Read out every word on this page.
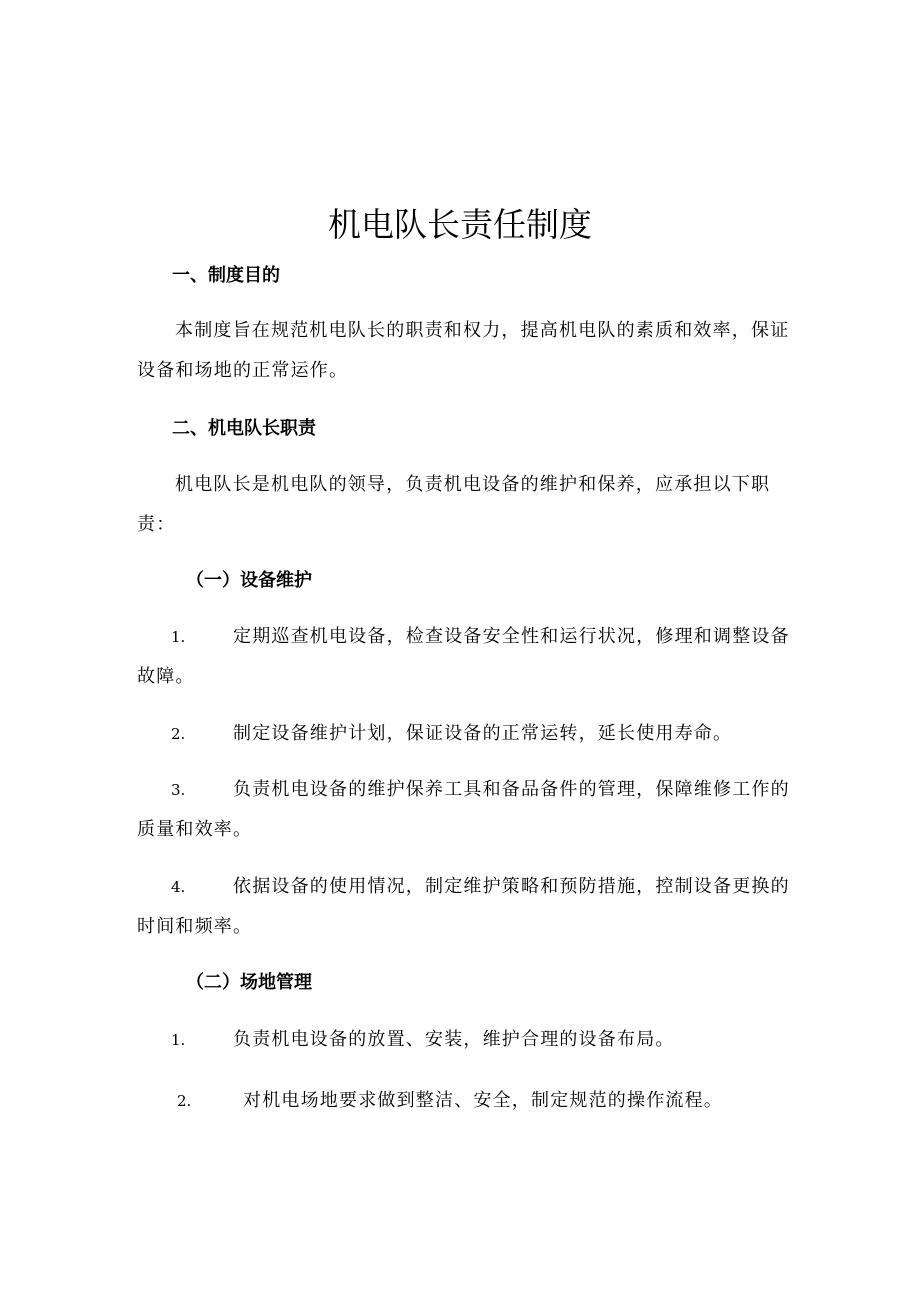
机电队长责任制度
一、制度目的

本制度旨在规范机电队长的职责和权力，提高机电队的素质和效率，保证设备和场地的正常运作。

二、机电队长职责

机电队长是机电队的领导，负责机电设备的维护和保养，应承担以下职责：

（一）设备维护

1.	定期巡查机电设备，检查设备安全性和运行状况，修理和调整设备故障。

2.	制定设备维护计划，保证设备的正常运转，延长使用寿命。

3.	负责机电设备的维护保养工具和备品备件的管理，保障维修工作的质量和效率。

4.	依据设备的使用情况，制定维护策略和预防措施，控制设备更换的时间和频率。

（二）场地管理

1.	负责机电设备的放置、安装，维护合理的设备布局。

2.	对机电场地要求做到整洁、安全，制定规范的操作流程。
